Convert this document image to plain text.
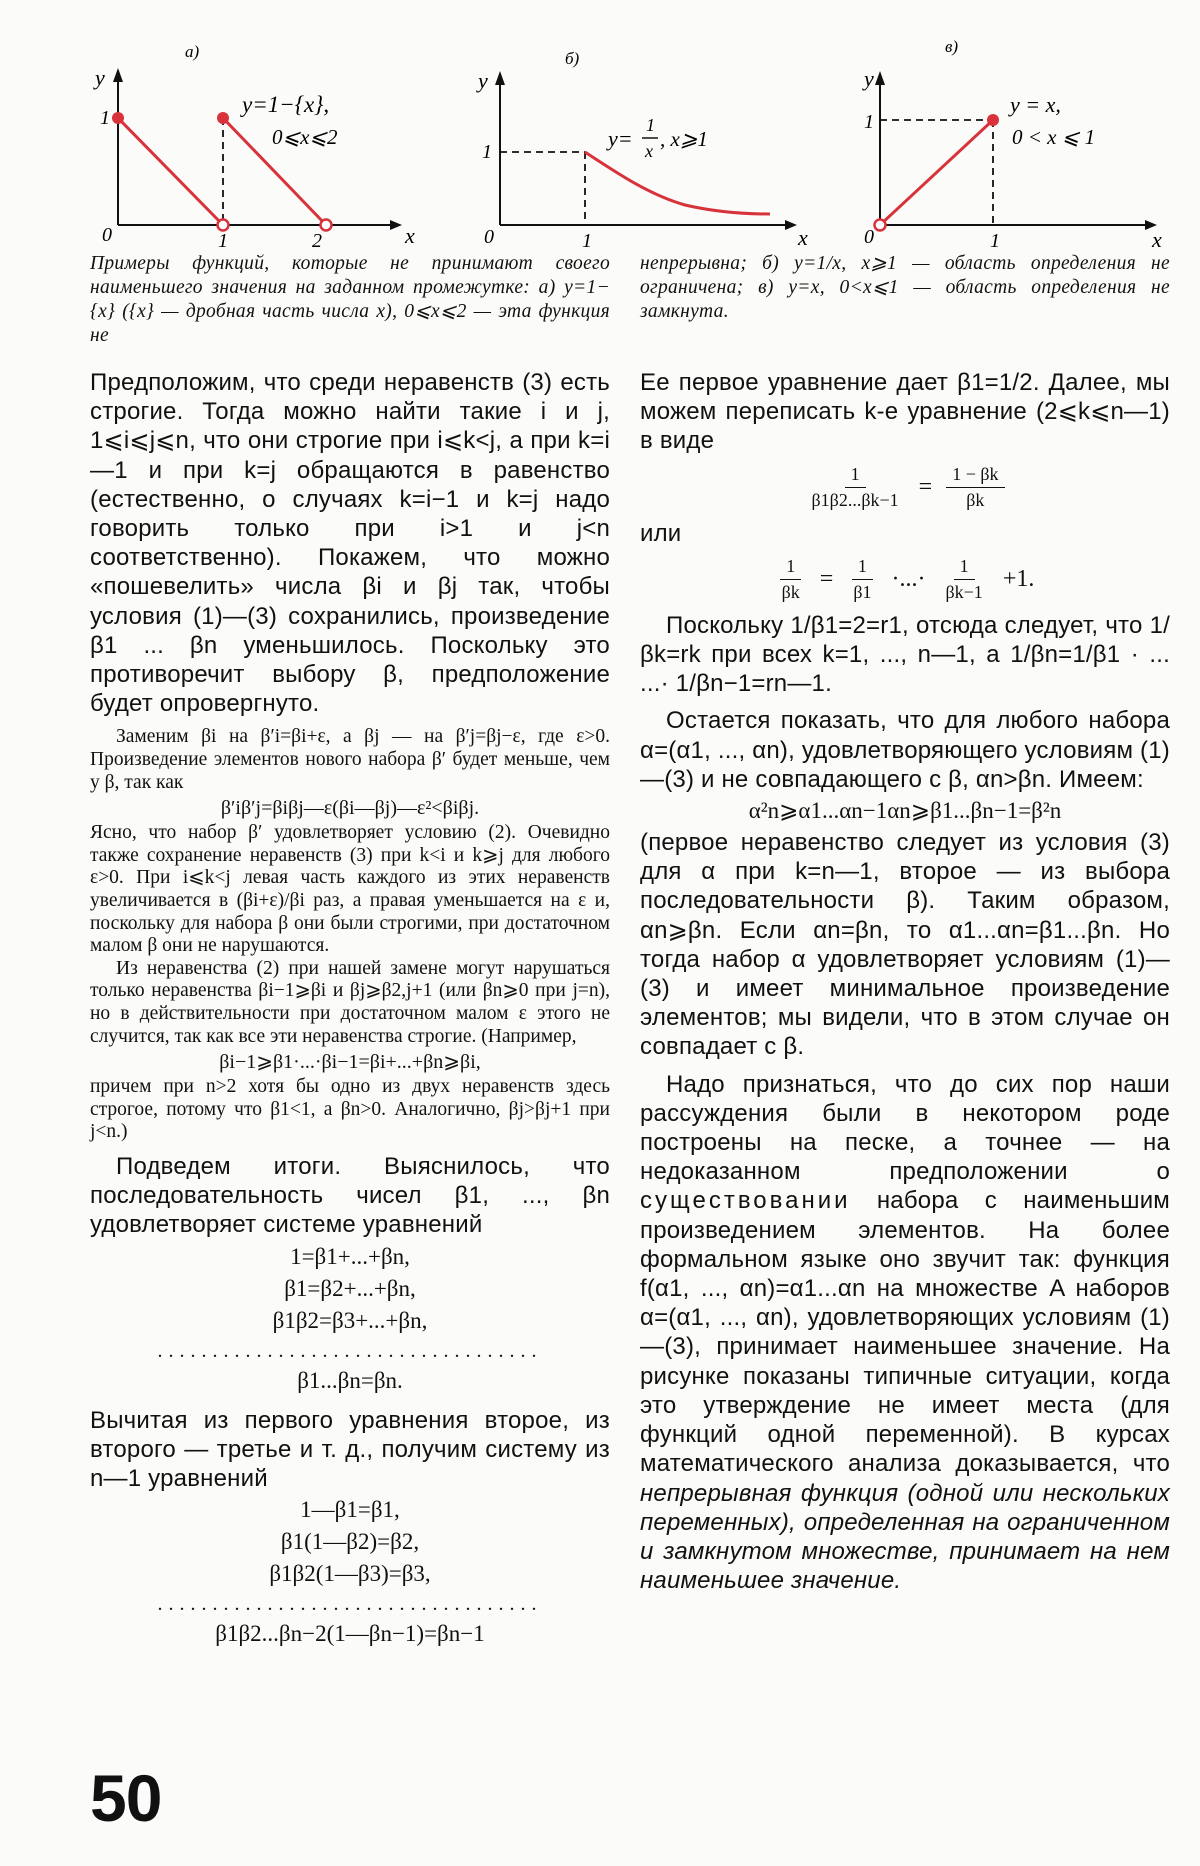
а)
y
x
0
1
1	2
y=1−{x},
0⩽x⩽2
б)
y
x
0
1
1
y=
1
x , x⩾1
в)
y
x
0
1
1
y = x,
0 < x ⩽ 1
Примеры функций, которые не принимают своего наименьшего значения на заданном промежутке: а) y=1−{x} ({x} — дробная часть числа x), 0⩽x⩽2 — эта функция не
непрерывна; б) y=1/x, x⩾1 — область определения не ограничена; в) y=x, 0<x⩽1 — область определения не замкнута.

Предположим, что среди неравенств (3) есть строгие. Тогда можно найти такие i и j, 1⩽i⩽j⩽n, что они строгие при i⩽k<j, а при k=i—1 и при k=j обращаются в равенство (естественно, о случаях k=i−1 и k=j надо говорить только при i>1 и j<n соответственно). Покажем, что можно «пошевелить» числа βi и βj так, чтобы условия (1)—(3) сохранились, произведение β1 ... βn уменьшилось. Поскольку это противоречит выбору β, предположение будет опровергнуто.

Заменим βi на β′i=βi+ε, а βj — на β′j=βj−ε, где ε>0. Произведение элементов нового набора β′ будет меньше, чем у β, так как

β′iβ′j=βiβj—ε(βi—βj)—ε²<βiβj.

Ясно, что набор β′ удовлетворяет условию (2). Очевидно также сохранение неравенств (3) при k<i и k⩾j для любого ε>0. При i⩽k<j левая часть каждого из этих неравенств увеличивается в (βi+ε)/βi раз, а правая уменьшается на ε и, поскольку для набора β они были строгими, при достаточном малом β они не нарушаются.

Из неравенства (2) при нашей замене могут нарушаться только неравенства βi−1⩾βi и βj⩾β2,j+1 (или βn⩾0 при j=n), но в действительности при достаточном малом ε этого не случится, так как все эти неравенства строгие. (Например,

βi−1⩾β1·...·βi−1=βi+...+βn⩾βi,

причем при n>2 хотя бы одно из двух неравенств здесь строгое, потому что β1<1, а βn>0. Аналогично, βj>βj+1 при j<n.)

Подведем итоги. Выяснилось, что последовательность чисел β1, ..., βn удовлетворяет системе уравнений

1=β1+...+βn,
β1=β2+...+βn,
β1β2=β3+...+βn,
...................................
β1...βn=βn.

Вычитая из первого уравнения второе, из второго — третье и т. д., получим систему из n—1 уравнений

1—β1=β1,
β1(1—β2)=β2,
β1β2(1—β3)=β3,
...................................
β1β2...βn−2(1—βn−1)=βn−1

Ее первое уравнение дает β1=1/2. Далее, мы можем переписать k-е уравнение (2⩽k⩽n—1) в виде

$\frac{1}{\beta 1\beta 2...\beta k-1} = \frac{1 - \beta k}{\beta k}$

или

$\frac{1}{\beta k} = \frac{1}{\beta 1}$ ·...· $\frac{1}{\beta k-1} +1$.

Поскольку 1/β1=2=r1, отсюда следует, что 1/βk=rk при всех k=1, ..., n—1, а 1/βn=1/β1 · ... ...· 1/βn−1=rn—1.

Остается показать, что для любого набора α=(α1, ..., αn), удовлетворяющего условиям (1)—(3) и не совпадающего с β, αn>βn. Имеем:

α²n⩾α1...αn−1αn⩾β1...βn−1=β²n

(первое неравенство следует из условия (3) для α при k=n—1, второе — из выбора последовательности β). Таким образом, αn⩾βn. Если αn=βn, то α1...αn=β1...βn. Но тогда набор α удовлетворяет условиям (1)—(3) и имеет минимальное произведение элементов; мы видели, что в этом случае он совпадает с β.

Надо признаться, что до сих пор наши рассуждения были в некотором роде построены на песке, а точнее — на недоказанном предположении о существовании набора с наименьшим произведением элементов. На более формальном языке оно звучит так: функция f(α1, ..., αn)=α1...αn на множестве A наборов α=(α1, ..., αn), удовлетворяющих условиям (1)—(3), принимает наименьшее значение. На рисунке показаны типичные ситуации, когда это утверждение не имеет места (для функций одной переменной). В курсах математического анализа доказывается, что непрерывная функция (одной или нескольких переменных), определенная на ограниченном и замкнутом множестве, принимает на нем наименьшее значение.

50
